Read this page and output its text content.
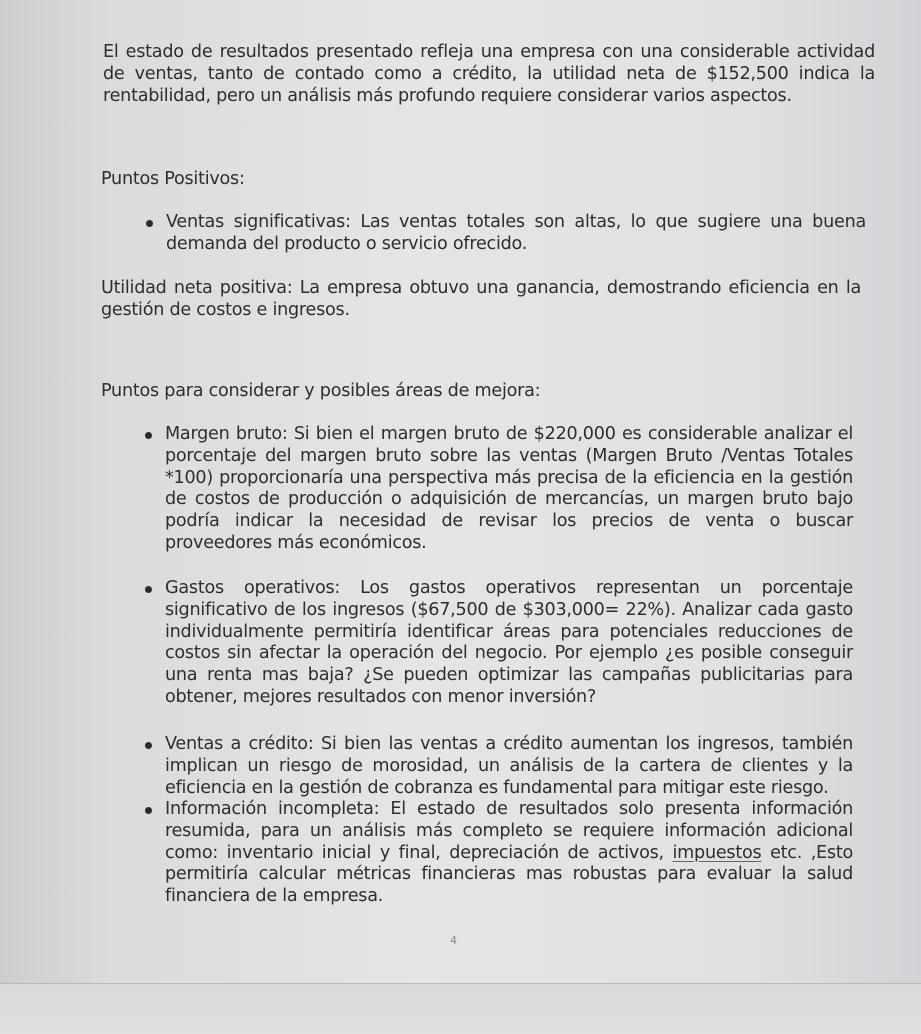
El estado de resultados presentado refleja una empresa con una considerable actividad de ventas, tanto de contado como a crédito, la utilidad neta de $152,500 indica la rentabilidad, pero un análisis más profundo requiere considerar varios aspectos.

Puntos Positivos:

Ventas significativas: Las ventas totales son altas, lo que sugiere una buena demanda del producto o servicio ofrecido.

Utilidad neta positiva: La empresa obtuvo una ganancia, demostrando eficiencia en la gestión de costos e ingresos.

Puntos para considerar y posibles áreas de mejora:

Margen bruto: Si bien el margen bruto de $220,000 es considerable analizar el porcentaje del margen bruto sobre las ventas (Margen Bruto /Ventas Totales *100) proporcionaría una perspectiva más precisa de la eficiencia en la gestión de costos de producción o adquisición de mercancías, un margen bruto bajo podría indicar la necesidad de revisar los precios de venta o buscar proveedores más económicos.

Gastos operativos: Los gastos operativos representan un porcentaje significativo de los ingresos ($67,500 de $303,000= 22%). Analizar cada gasto individualmente permitiría identificar áreas para potenciales reducciones de costos sin afectar la operación del negocio. Por ejemplo ¿es posible conseguir una renta mas baja? ¿Se pueden optimizar las campañas publicitarias para obtener, mejores resultados con menor inversión?

Ventas a crédito: Si bien las ventas a crédito aumentan los ingresos, también implican un riesgo de morosidad, un análisis de la cartera de clientes y la eficiencia en la gestión de cobranza es fundamental para mitigar este riesgo.

Información incompleta: El estado de resultados solo presenta información resumida, para un análisis más completo se requiere información adicional como: inventario inicial y final, depreciación de activos, impuestos etc. ,Esto permitiría calcular métricas financieras mas robustas para evaluar la salud financiera de la empresa.

4
